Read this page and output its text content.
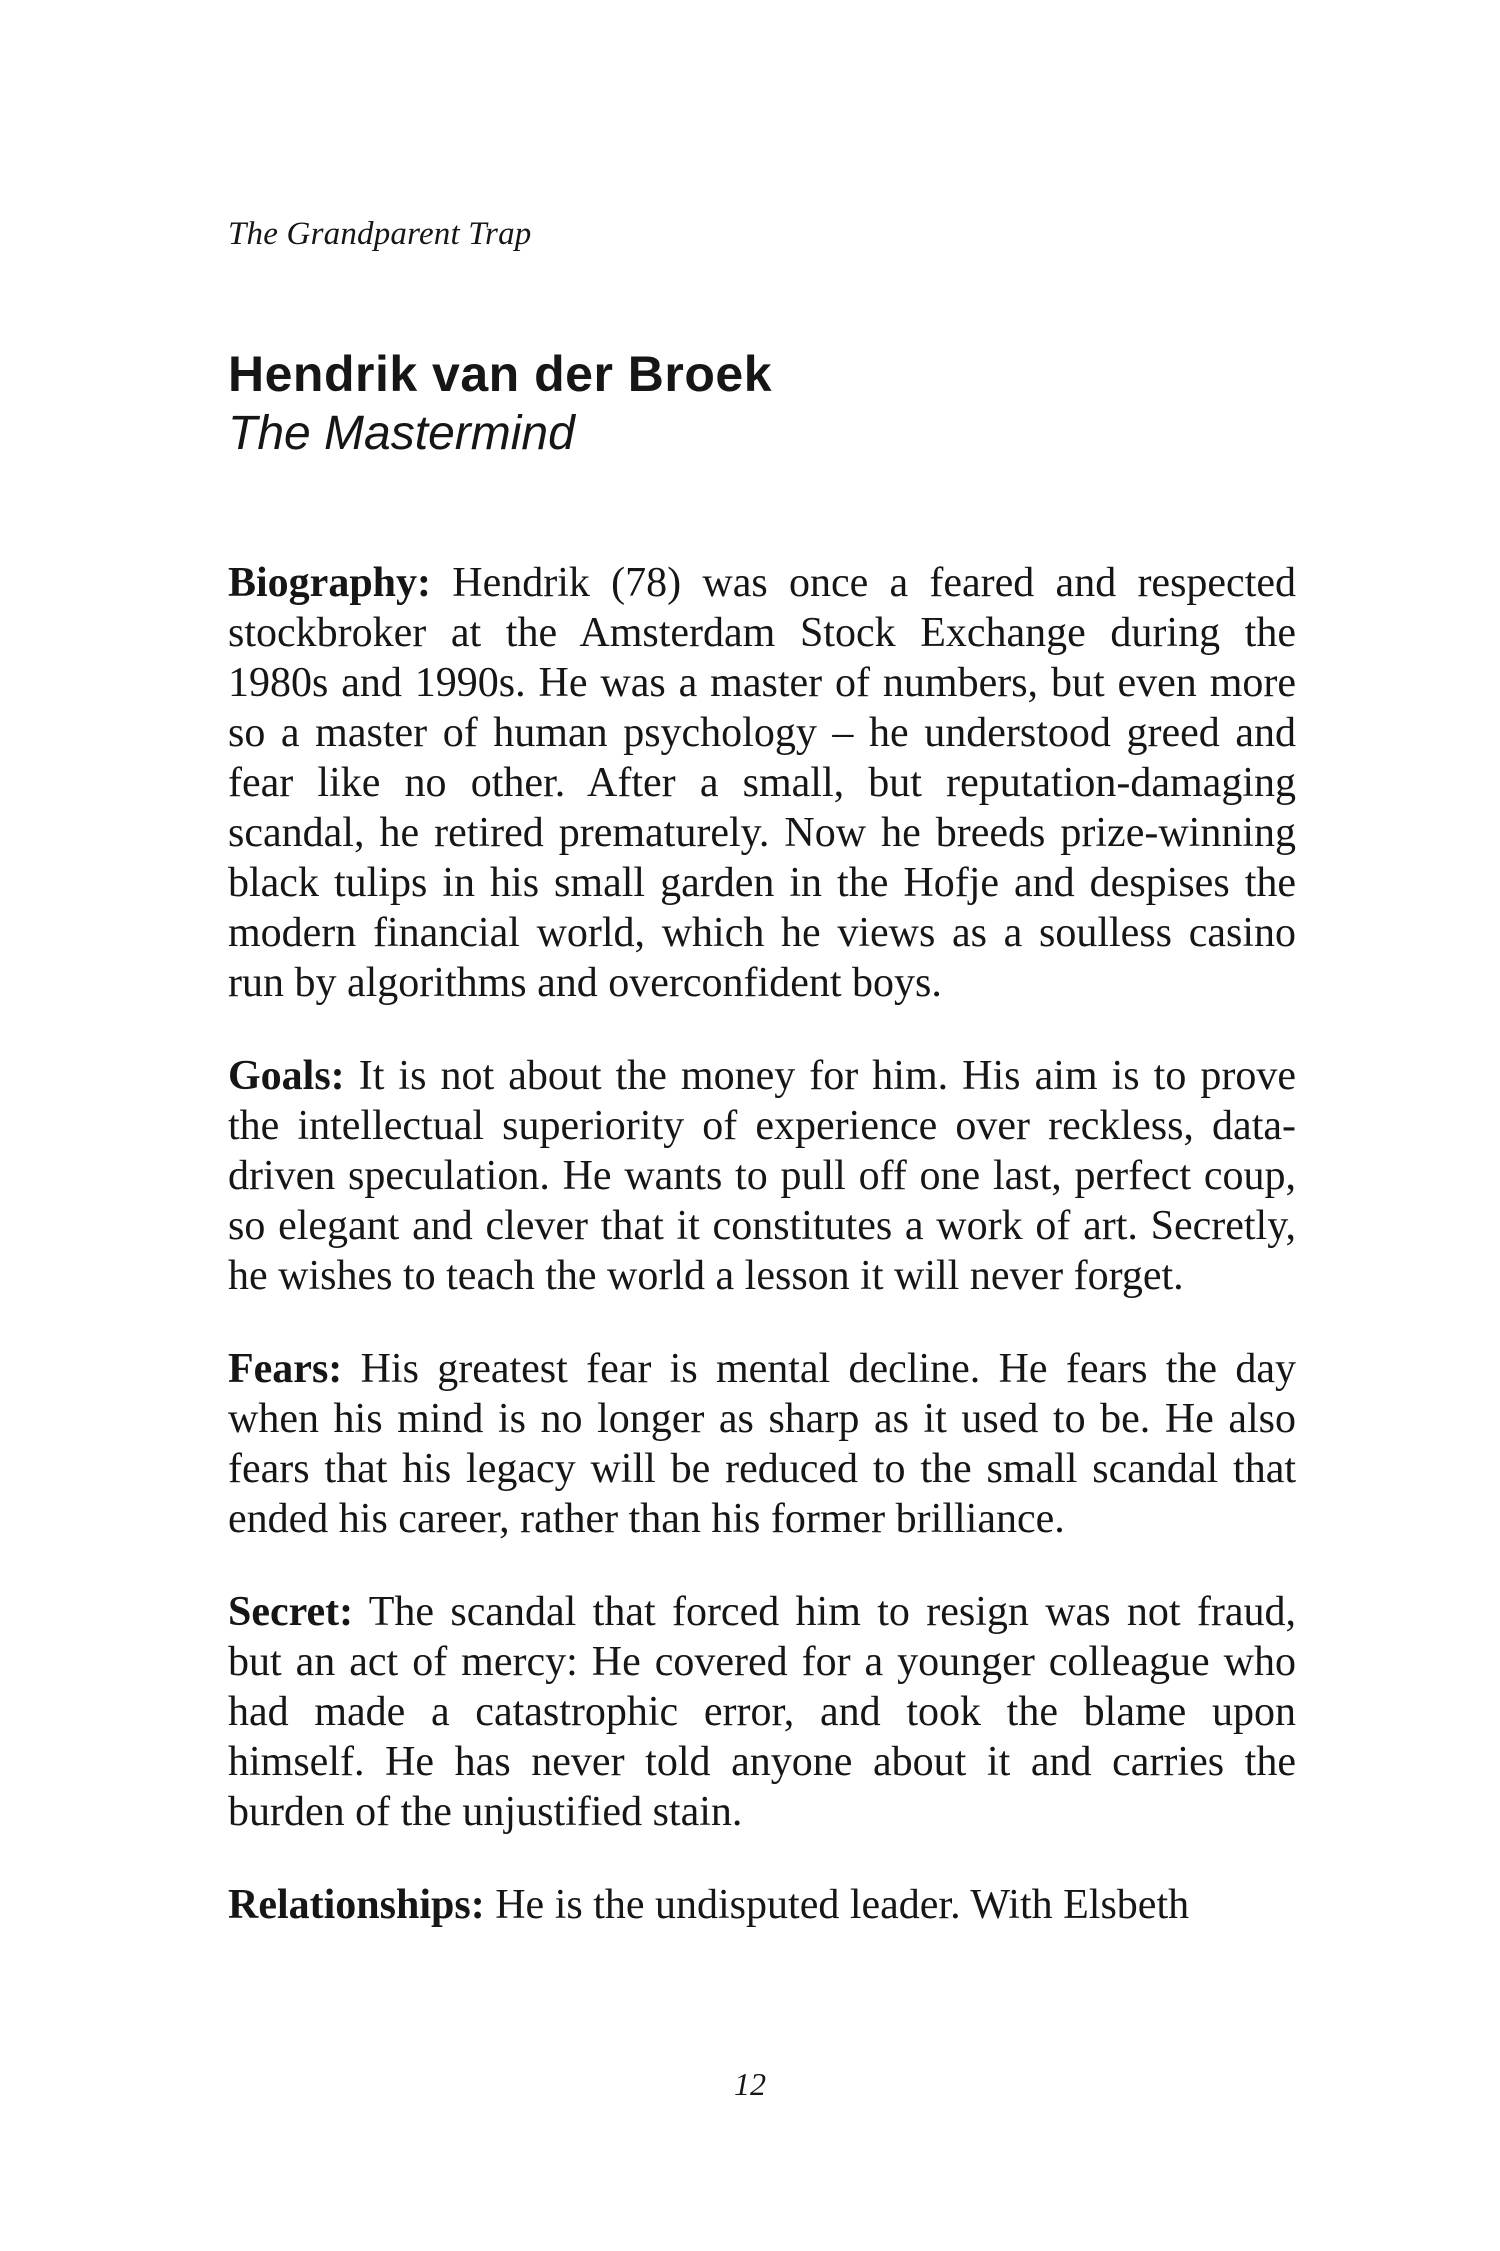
The Grandparent Trap
Hendrik van der Broek
The Mastermind

Biography: Hendrik (78) was once a feared and respected stockbroker at the Amsterdam Stock Exchange during the 1980s and 1990s. He was a master of numbers, but even more so a master of human psychology – he understood greed and fear like no other. After a small, but reputation-damaging scandal, he retired prematurely. Now he breeds prize-winning black tulips in his small garden in the Hofje and despises the modern financial world, which he views as a soulless casino run by algorithms and overconfident boys.

Goals: It is not about the money for him. His aim is to prove the intellectual superiority of experience over reckless, data-driven speculation. He wants to pull off one last, perfect coup, so elegant and clever that it constitutes a work of art. Secretly, he wishes to teach the world a lesson it will never forget.

Fears: His greatest fear is mental decline. He fears the day when his mind is no longer as sharp as it used to be. He also fears that his legacy will be reduced to the small scandal that ended his career, rather than his former brilliance.

Secret: The scandal that forced him to resign was not fraud, but an act of mercy: He covered for a younger colleague who had made a catastrophic error, and took the blame upon himself. He has never told anyone about it and carries the burden of the unjustified stain.

Relationships: He is the undisputed leader. With Elsbeth

12
